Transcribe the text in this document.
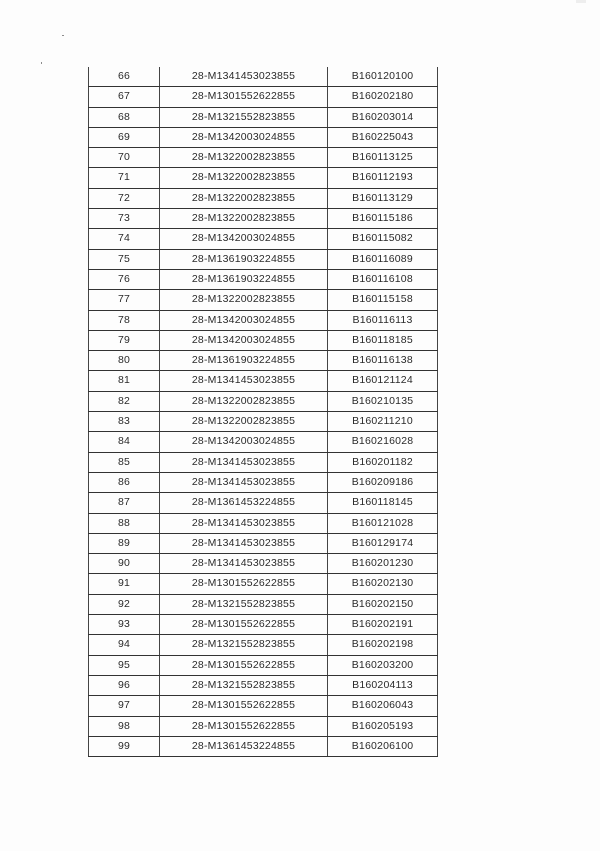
66	28-M1341453023855	B160120100
67	28-M1301552622855	B160202180
68	28-M1321552823855	B160203014
69	28-M1342003024855	B160225043
70	28-M1322002823855	B160113125
71	28-M1322002823855	B160112193
72	28-M1322002823855	B160113129
73	28-M1322002823855	B160115186
74	28-M1342003024855	B160115082
75	28-M1361903224855	B160116089
76	28-M1361903224855	B160116108
77	28-M1322002823855	B160115158
78	28-M1342003024855	B160116113
79	28-M1342003024855	B160118185
80	28-M1361903224855	B160116138
81	28-M1341453023855	B160121124
82	28-M1322002823855	B160210135
83	28-M1322002823855	B160211210
84	28-M1342003024855	B160216028
85	28-M1341453023855	B160201182
86	28-M1341453023855	B160209186
87	28-M1361453224855	B160118145
88	28-M1341453023855	B160121028
89	28-M1341453023855	B160129174
90	28-M1341453023855	B160201230
91	28-M1301552622855	B160202130
92	28-M1321552823855	B160202150
93	28-M1301552622855	B160202191
94	28-M1321552823855	B160202198
95	28-M1301552622855	B160203200
96	28-M1321552823855	B160204113
97	28-M1301552622855	B160206043
98	28-M1301552622855	B160205193
99	28-M1361453224855	B160206100
